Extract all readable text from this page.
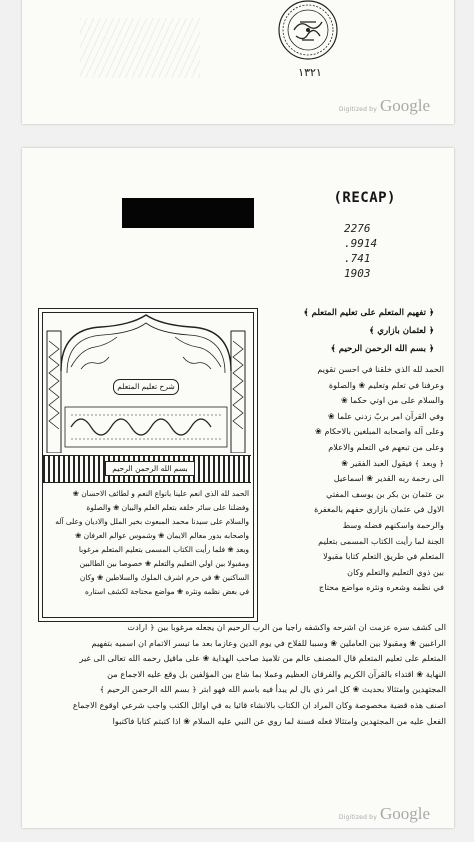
١٣٢١
Digitized by Google
(RECAP)
2276
.9914
.741
1903
﴿ تفهيم المتعلم على تعليم المتعلم ﴾
﴿ لعثمان بازاري ﴾
﴿ بسم الله الرحمن الرحيم ﴾
الحمد لله الذي خلقنا في احسن تقويم
وعرفنا في تعلم وتعليم ❀ والصلوة
والسلام على من اوتي حكما ❀
وفي القرآن امر بربّ زدني علما ❀
وعلى آله واصحابه المبلغين بالاحكام ❀
وعلى من تبعهم في التعلم والاعلام
﴿ وبعد ﴾ فيقول العبد الفقير ❀
الى رحمة ربه القدير ❀ اسماعيل
بن عثمان بن بكر بن يوسف المفتي
الاول في عثمان بازاري حفهم بالمغفرة
والرحمة واسكنهم فضله وسط
الجنة لما رأيت الكتاب المسمى بتعليم
المتعلم في طريق التعلم كتابا مقبولا
بين ذوي التعليم والتعلم وكان
في نظمه وشعره ونثره مواضع محتاج
شرح تعليم المتعلم
بسم الله الرحمن الرحيم
الحمد لله الذي انعم علينا بانواع النعم و لطائف الاحسان ❀
وفضلنا على سائر خلقه بتعلم العلم والبيان ❀ والصلوة
والسلام على سيدنا محمد المبعوث بخير الملل والاديان وعلى آله
واصحابه بدور معالم الايمان ❀ وشموس عوالم العرفان ❀
وبعد ❀ فلما رأيت الكتاب المسمى بتعليم المتعلم مرغوبا
ومقبولا بين اولي التعليم والتعلم ❀ خصوصا بين الطالبين
الساكنين ❀ في حرم اشرف الملوك والسلاطين ❀ وكان
في بعض نظمه ونثره ❀ مواضع محتاجة لكشف استاره
الى كشف سره عزمت ان اشرحه واكشفه راجيا من الرب الرحيم ان يجعله مرغوبا بين ﴿ ارادت
الراغبين ❀ ومقبولا بين العاملين ❀ وسببا للفلاح في يوم الدين وعازما بعد ما تيسر الاتمام ان اسميه بتفهيم
المتعلم على تعليم المتعلم قال المصنف عالم من تلاميذ صاحب الهداية ❀ على ماقيل رحمه الله تعالى الى غير
النهاية ❀ اقتداء بالقرآن الكريم والفرقان العظيم وعملا بما شاع بين المؤلفين بل وقع عليه الاجماع من
المجتهدين وامتثالا بحديث ❀ كل امر ذي بال لم يبدأ فيه باسم الله فهو ابتر ﴿ بسم الله الرحمن الرحيم ﴾
اصنف هذه قضية مخصوصة وكان المراد ان الكتاب بالانشاء قائيا به في اوائل الكتب واجب شرعي اوقوع الاجماع
الفعل عليه من المجتهدين وامتثالا فعله قسنة لما روي عن النبي عليه السلام ❀ اذا كتبتم كتابا فاكتبوا
Digitized by Google
